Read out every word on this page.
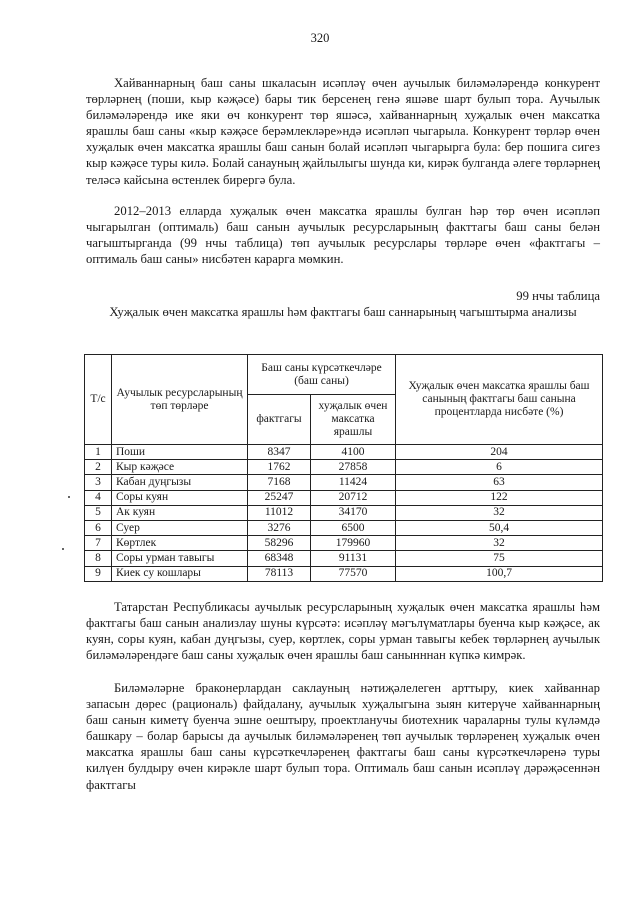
320

Хайваннарның баш саны шкаласын исәпләү өчен аучылык биләмәләрендә конкурент төрләрнең (поши, кыр кәҗәсе) бары тик берсенең генә яшәве шарт булып тора. Аучылык биләмәләрендә ике яки өч конкурент төр яшәсә, хайваннарның хуҗалык өчен максатка ярашлы баш саны «кыр кәҗәсе берәмлекләре»ндә исәпләп чыгарыла. Конкурент төрләр өчен хуҗалык өчен максатка ярашлы баш санын болай исәпләп чыгарырга була: бер пошига сигез кыр кәҗәсе туры килә. Болай санауның җайлылыгы шунда ки, кирәк булганда әлеге төрләрнең теләсә кайсына өстенлек бирергә була.

2012–2013 елларда хуҗалык өчен максатка ярашлы булган һәр төр өчен исәпләп чыгарылган (оптималь) баш санын аучылык ресурсларының факттагы баш саны белән чагыштырганда (99 нчы таблица) төп аучылык ресурслары төрләре өчен «фактгагы – оптималь баш саны» нисбәтен карарга мөмкин.

99 нчы таблица
Хуҗалык өчен максатка ярашлы һәм фактгагы баш саннарының чагыштырма анализы
Т/с	Аучылык ресурсларының төп төрләре	Баш саны күрсәткечләре (баш саны)		Хуҗалык өчен максатка ярашлы баш санының фактгагы баш санына процентларда нисбәте (%)
		фактгагы	хуҗалык өчен максатка ярашлы	
1	Поши	8347	4100	204
2	Кыр кәҗәсе	1762	27858	6
3	Кабан дуңгызы	7168	11424	63
4	Соры куян	25247	20712	122
5	Ак куян	11012	34170	32
6	Суер	3276	6500	50,4
7	Көртлек	58296	179960	32
8	Соры урман тавыгы	68348	91131	75
9	Киек су кошлары	78113	77570	100,7

Татарстан Республикасы аучылык ресурсларының хуҗалык өчен максатка ярашлы һәм фактгагы баш санын анализлау шуны күрсәтә: исәпләү мәгълүматлары буенча кыр кәҗәсе, ак куян, соры куян, кабан дуңгызы, суер, көртлек, соры урман тавыгы кебек төрләрнең аучылык биләмәләрендәге баш саны хуҗалык өчен ярашлы баш санынннан күпкә кимрәк.

Биләмәләрне браконерлардан саклауның нәтиҗәлелеген арттыру, киек хайваннар запасын дөрес (рациональ) файдалану, аучылык хуҗалыгына зыян китерүче хайваннарның баш санын киметү буенча эшне оештыру, проектланучы биотехник чараларны тулы күләмдә башкару – болар барысы да аучылык биләмәләренең төп аучылык төрләренең хуҗалык өчен максатка ярашлы баш саны күрсәткечләренең фактгагы баш саны күрсәткечләренә туры килүен булдыру өчен кирәкле шарт булып тора. Оптималь баш санын исәпләү дәрәҗәсеннән фактгагы
